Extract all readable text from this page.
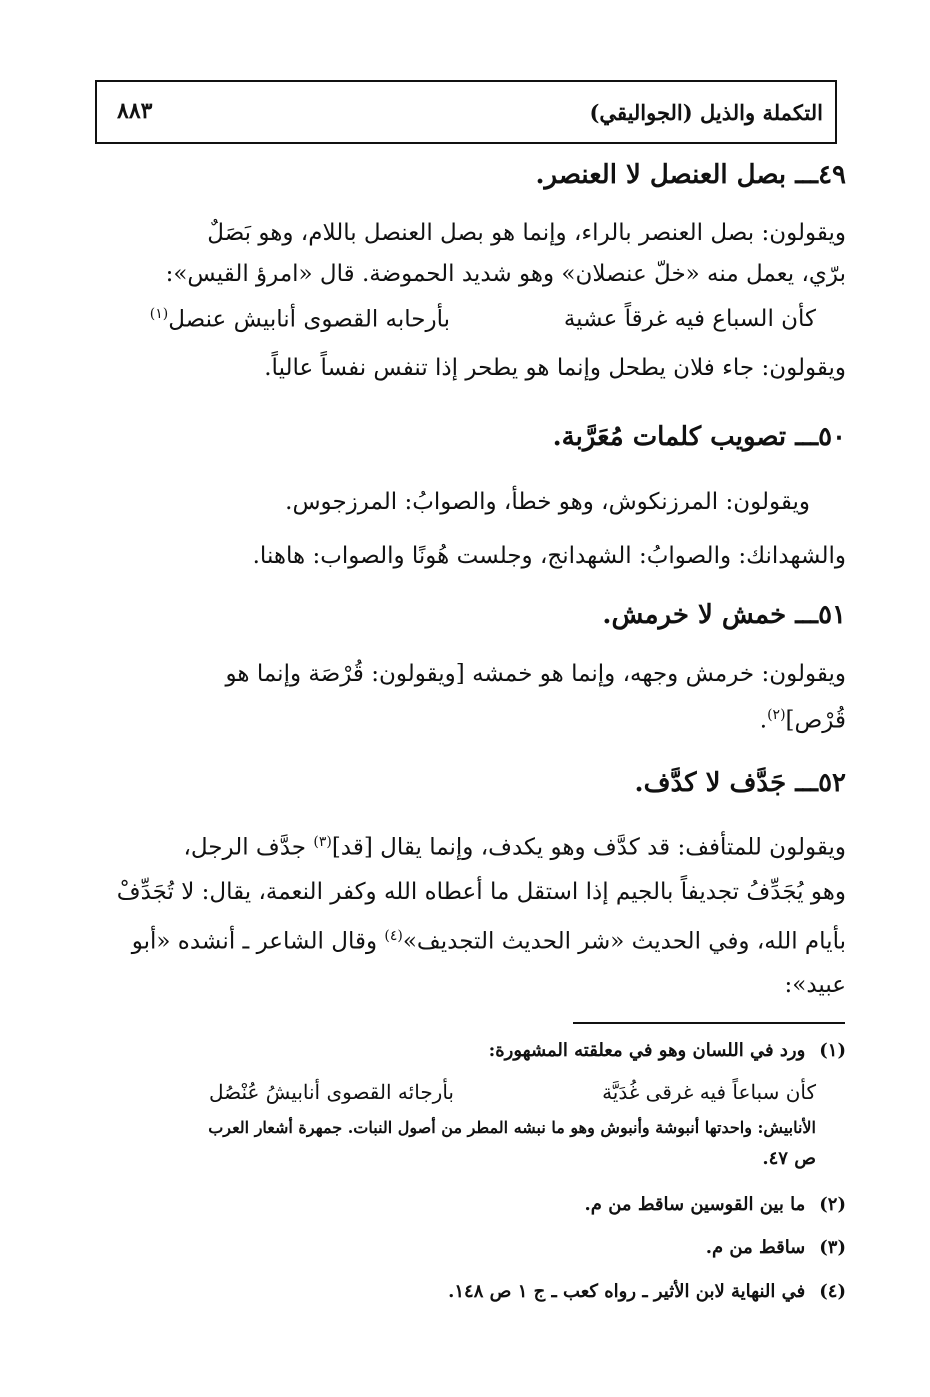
التكملة والذيل (الجواليقي)
٨٨٣
٤٩ـــ بصل العنصل لا العنصر.
ويقولون: بصل العنصر بالراء، وإنما هو بصل العنصل باللام، وهو بَصَلٌ
برّي، يعمل منه «خلّ عنصلان» وهو شديد الحموضة. قال «امرؤ القيس»:
كأن السباع فيه غرقاً عشية
بأرحابه القصوى أنابيش عنصل$^{(١)}$
ويقولون: جاء فلان يطحل وإنما هو يطحر إذا تنفس نفساً عالياً.
٥٠ـــ تصويب كلمات مُعَرَّبة.
ويقولون: المرزنكوش، وهو خطأ، والصوابُ: المرزجوس.
والشهدانك: والصوابُ: الشهدانج، وجلست هُونًا والصواب: هاهنا.
٥١ـــ خمش لا خرمش.
ويقولون: خرمش وجهه، وإنما هو خمشه [ويقولون: قُرْصَة وإنما هو
قُرْص]$^{(٢)}$.
٥٢ـــ جَدَّف لا كدَّف.
ويقولون للمتأفف: قد كدَّف وهو يكدف، وإنما يقال [قد]$^{(٣)}$ جدَّف الرجل،
وهو يُجَدِّفُ تجديفاً بالجيم إذا استقل ما أعطاه الله وكفر النعمة، يقال: لا تُجَدِّفْ
بأيام الله، وفي الحديث «شر الحديث التجديف»$^{(٤)}$ وقال الشاعر ـ أنشده «أبو
عبيد»:
(١)ورد في اللسان وهو في معلقته المشهورة:
كأن سباعاً فيه غرقى غُدَيَّة
بأرجائه القصوى أنابيشُ عُنْصُل
الأنابيش: واحدتها أنبوشة وأنبوش وهو ما نبشه المطر من أصول النبات. جمهرة أشعار العرب
ص ٤٧.
(٢)ما بين القوسين ساقط من م.
(٣)ساقط من م.
(٤)في النهاية لابن الأثير ـ رواه كعب ـ ج ١ ص ١٤٨.
